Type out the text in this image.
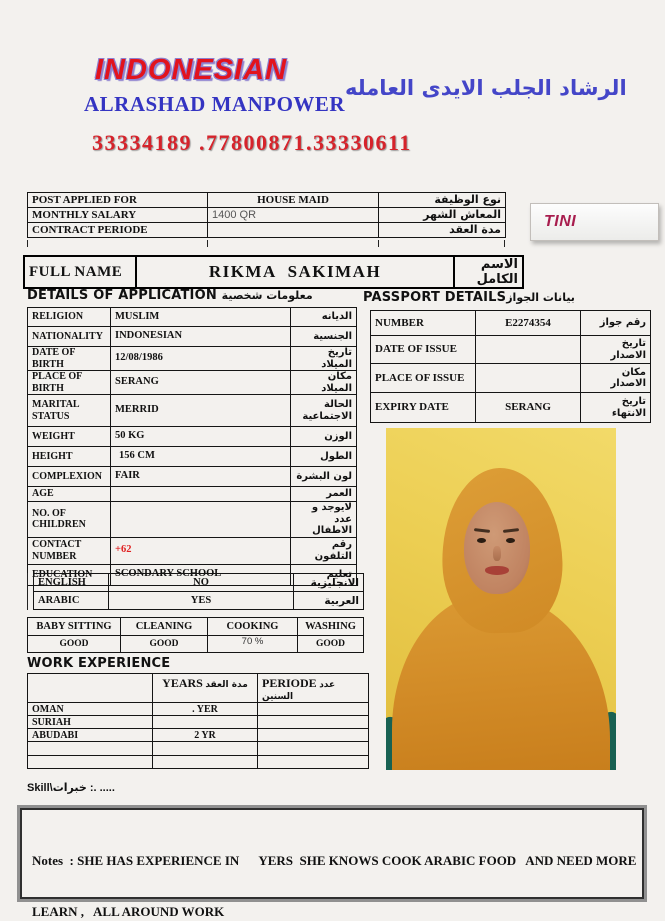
INDONESIAN
ALRASHAD MANPOWER
الرشاد الجلب الايدى العامله
33334189 .77800871.33330611
POST APPLIED FOR	HOUSE MAID	نوع الوظيفة
MONTHLY SALARY	1400 QR	المعاش الشهر
CONTRACT PERIODE		مدة العقد	TINI
FULL NAME	RIKMA SAKIMAH	الاسم الكامل
DETAILS OF APPLICATION معلومات شخصية	PASSPORT DETAILSبيانات الجواز
RELIGION	MUSLIM	الديانه
NATIONALITY	INDONESIAN	الجنسية
DATE OF BIRTH	12/08/1986	تاريخ الميلاد
PLACE OF BIRTH	SERANG	مكان الميلاد
MARITAL STATUS	MERRID	الحالة الاجتماعية
WEIGHT	50 KG	الوزن
HEIGHT	156 CM	الطول
COMPLEXION	FAIR	لون البشرة
AGE		العمر
NO. OF CHILDREN		لايوجد و عدد الاطفال
CONTACT NUMBER	+62	رقم التلفون
EDUCATION	SCONDARY SCHOOL	تعليم
ENGLISH	NO	الانجليزية
ARABIC	YES	العربية
BABY SITTING	CLEANING	COOKING	WASHING
GOOD	GOOD	70 %	GOOD
WORK EXPERIENCE
	YEARS مدة العقد	PERIODE عدد السنين
OMAN	. YER	
SURIAH		
ABUDABI	2 YR	

NUMBER	E2274354	رقم جواز
DATE OF ISSUE		تاريخ الاصدار
PLACE OF ISSUE		مكان الاصدار
EXPIRY DATE	SERANG	تاريخ الانتهاء
Skill\خبرات :. .....

Notes  : SHE HAS EXPERIENCE IN      YERS  SHE KNOWS COOK ARABIC FOOD   AND NEED MORE

LEARN ,   ALL AROUND WORK
